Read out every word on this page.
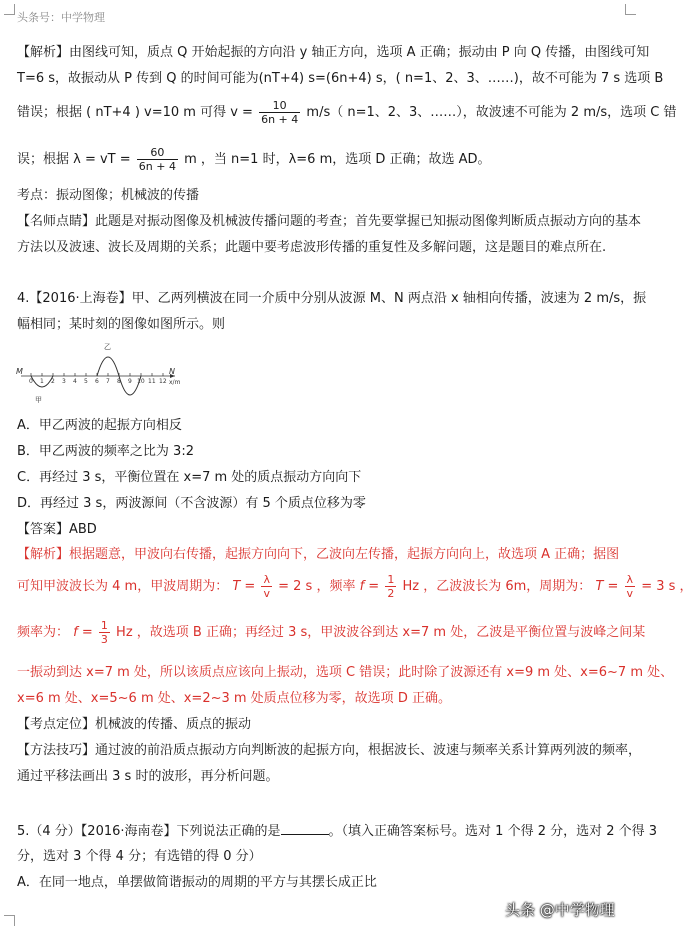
头条号：中学物理
【解析】由图线可知，质点 Q 开始起振的方向沿 y 轴正方向，选项 A 正确；振动由 P 向 Q 传播，由图线可知
T=6 s，故振动从 P 传到 Q 的时间可能为(nT+4) s=(6n+4) s，( n=1、2、3、……)，故不可能为 7 s 选项 B
错误；根据 ( nT+4 ) v=10 m 可得 $v = \frac{10}{6n + 4} m/s$（ n=1、2、3、……），故波速不可能为 2 m/s，选项 C 错
误；根据 λ = vT = $\frac{60}{6n + 4}$ m ，当 n=1 时，λ=6 m，选项 D 正确；故选 AD。
考点：振动图像；机械波的传播
【名师点睛】此题是对振动图像及机械波传播问题的考查；首先要掌握已知振动图像判断质点振动方向的基本
方法以及波速、波长及周期的关系；此题中要考虑波形传播的重复性及多解问题，这是题目的难点所在.
4.【2016·上海卷】甲、乙两列横波在同一介质中分别从波源 M、N 两点沿 x 轴相向传播，波速为 2 m/s，振
幅相同；某时刻的图像如图所示。则
0 1 2 3 4 5 6 7 8 9 10 11 12
M	N
x/m
甲
乙
A．甲乙两波的起振方向相反
B．甲乙两波的频率之比为 3:2
C．再经过 3 s，平衡位置在 x=7 m 处的质点振动方向向下
D．再经过 3 s，两波源间（不含波源）有 5 个质点位移为零
【答案】ABD
【解析】根据题意，甲波向右传播，起振方向向下，乙波向左传播，起振方向向上，故选项 A 正确；据图
可知甲波波长为 4 m，甲波周期为： $T = \frac{\lambda}{v} = 2$ s ，频率 $f = \frac{1}{2}$ Hz ，乙波波长为 6m，周期为： $T = \frac{\lambda}{v} = 3$ s ，
频率为： $f = \frac{1}{3}$ Hz ，故选项 B 正确；再经过 3 s，甲波波谷到达 x=7 m 处，乙波是平衡位置与波峰之间某
一振动到达 x=7 m 处，所以该质点应该向上振动，选项 C 错误；此时除了波源还有 x=9 m 处、x=6~7 m 处、
x=6 m 处、x=5~6 m 处、x=2~3 m 处质点位移为零，故选项 D 正确。
【考点定位】机械波的传播、质点的振动
【方法技巧】通过波的前沿质点振动方向判断波的起振方向，根据波长、波速与频率关系计算两列波的频率，
通过平移法画出 3 s 时的波形，再分析问题。
5.（4 分）【2016·海南卷】下列说法正确的是	。（填入正确答案标号。选对 1 个得 2 分，选对 2 个得 3
分，选对 3 个得 4 分；有选错的得 0 分）
A．在同一地点，单摆做简谐振动的周期的平方与其摆长成正比
头条 @中学物理
